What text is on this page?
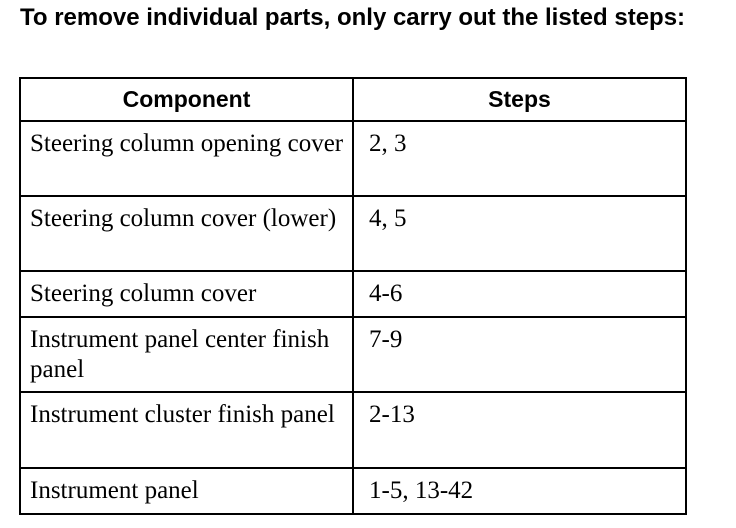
To remove individual parts, only carry out the listed steps:
Component	Steps
Steering column opening cover	2, 3
Steering column cover (lower)	4, 5
Steering column cover	4-6
Instrument panel center finish panel	7-9
Instrument cluster finish panel	2-13
Instrument panel	1-5, 13-42
